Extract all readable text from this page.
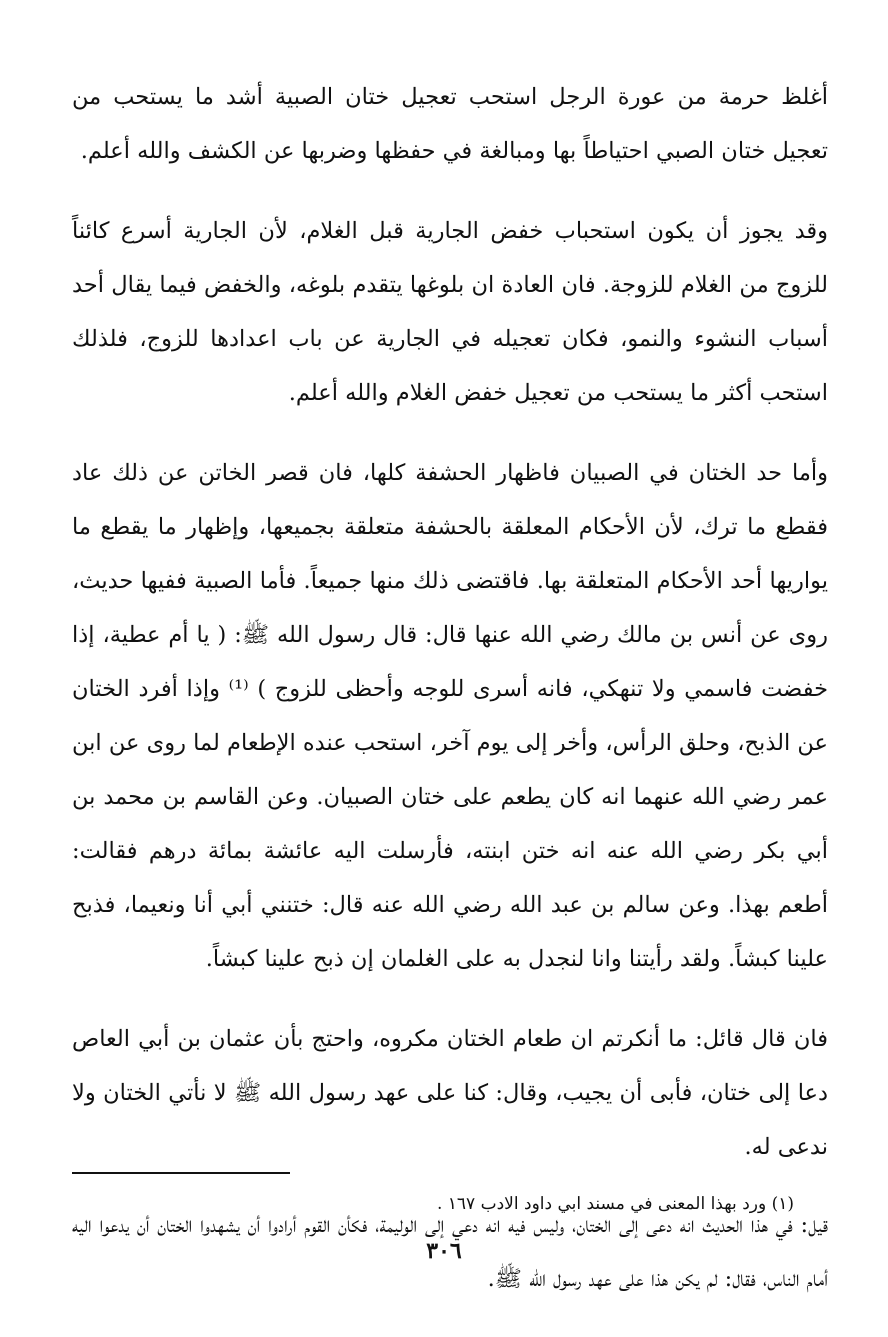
أغلظ حرمة من عورة الرجل استحب تعجيل ختان الصبية أشد ما يستحب من تعجيل ختان الصبي احتياطاً بها ومبالغة في حفظها وضربها عن الكشف والله أعلم.

وقد يجوز أن يكون استحباب خفض الجارية قبل الغلام، لأن الجارية أسرع كائناً للزوج من الغلام للزوجة. فان العادة ان بلوغها يتقدم بلوغه، والخفض فيما يقال أحد أسباب النشوء والنمو، فكان تعجيله في الجارية عن باب اعدادها للزوج، فلذلك استحب أكثر ما يستحب من تعجيل خفض الغلام والله أعلم.

وأما حد الختان في الصبيان فاظهار الحشفة كلها، فان قصر الخاتن عن ذلك عاد فقطع ما ترك، لأن الأحكام المعلقة بالحشفة متعلقة بجميعها، وإظهار ما يقطع ما يواريها أحد الأحكام المتعلقة بها. فاقتضى ذلك منها جميعاً. فأما الصبية ففيها حديث، روى عن أنس بن مالك رضي الله عنها قال: قال رسول الله ﷺ: ( يا أم عطية، إذا خفضت فاسمي ولا تنهكي، فانه أسرى للوجه وأحظى للزوج ) ⁽¹⁾ وإذا أفرد الختان عن الذبح، وحلق الرأس، وأخر إلى يوم آخر، استحب عنده الإطعام لما روى عن ابن عمر رضي الله عنهما انه كان يطعم على ختان الصبيان. وعن القاسم بن محمد بن أبي بكر رضي الله عنه انه ختن ابنته، فأرسلت اليه عائشة بمائة درهم فقالت: أطعم بهذا. وعن سالم بن عبد الله رضي الله عنه قال: ختنني أبي أنا ونعيما، فذبح علينا كبشاً. ولقد رأيتنا وانا لنجدل به على الغلمان إن ذبح علينا كبشاً.

فان قال قائل: ما أنكرتم ان طعام الختان مكروه، واحتج بأن عثمان بن أبي العاص دعا إلى ختان، فأبى أن يجيب، وقال: كنا على عهد رسول الله ﷺ لا نأتي الختان ولا ندعى له.

قيل: في هذا الحديث انه دعى إلى الختان، وليس فيه انه دعي إلى الوليمة، فكأن القوم أرادوا أن يشهدوا الختان أن يدعوا اليه أمام الناس، فقال: لم يكن هذا على عهد رسول الله ﷺ.

(١) ورد بهذا المعنى في مسند ابي داود الادب ١٦٧ .
٣٠٦
